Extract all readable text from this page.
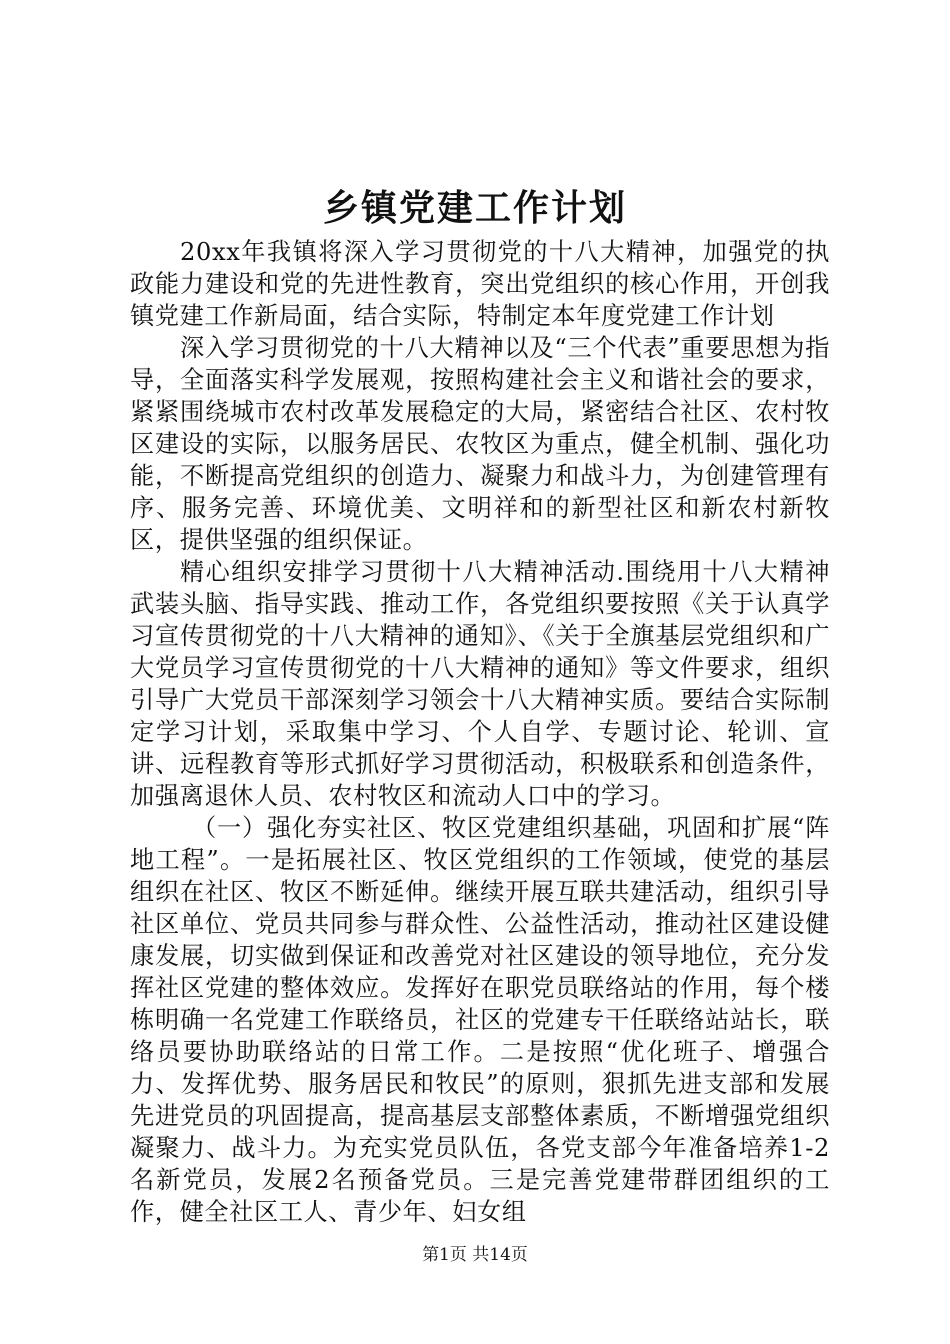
乡镇党建工作计划

20xx年我镇将深入学习贯彻党的十八大精神，加强党的执政能力建设和党的先进性教育，突出党组织的核心作用，开创我镇党建工作新局面，结合实际，特制定本年度党建工作计划

深入学习贯彻党的十八大精神以及“三个代表”重要思想为指导，全面落实科学发展观，按照构建社会主义和谐社会的要求，紧紧围绕城市农村改革发展稳定的大局，紧密结合社区、农村牧区建设的实际，以服务居民、农牧区为重点，健全机制、强化功能，不断提高党组织的创造力、凝聚力和战斗力，为创建管理有序、服务完善、环境优美、文明祥和的新型社区和新农村新牧区，提供坚强的组织保证。

精心组织安排学习贯彻十八大精神活动.围绕用十八大精神武装头脑、指导实践、推动工作，各党组织要按照《关于认真学习宣传贯彻党的十八大精神的通知》、《关于全旗基层党组织和广大党员学习宣传贯彻党的十八大精神的通知》等文件要求，组织引导广大党员干部深刻学习领会十八大精神实质。要结合实际制定学习计划，采取集中学习、个人自学、专题讨论、轮训、宣讲、远程教育等形式抓好学习贯彻活动，积极联系和创造条件，加强离退休人员、农村牧区和流动人口中的学习。

（一）强化夯实社区、牧区党建组织基础，巩固和扩展“阵地工程”。一是拓展社区、牧区党组织的工作领域，使党的基层组织在社区、牧区不断延伸。继续开展互联共建活动，组织引导社区单位、党员共同参与群众性、公益性活动，推动社区建设健康发展，切实做到保证和改善党对社区建设的领导地位，充分发挥社区党建的整体效应。发挥好在职党员联络站的作用，每个楼栋明确一名党建工作联络员，社区的党建专干任联络站站长，联络员要协助联络站的日常工作。二是按照“优化班子、增强合力、发挥优势、服务居民和牧民”的原则，狠抓先进支部和发展先进党员的巩固提高，提高基层支部整体素质，不断增强党组织凝聚力、战斗力。为充实党员队伍，各党支部今年准备培养1-2名新党员，发展2名预备党员。三是完善党建带群团组织的工作，健全社区工人、青少年、妇女组

第1页 共14页
